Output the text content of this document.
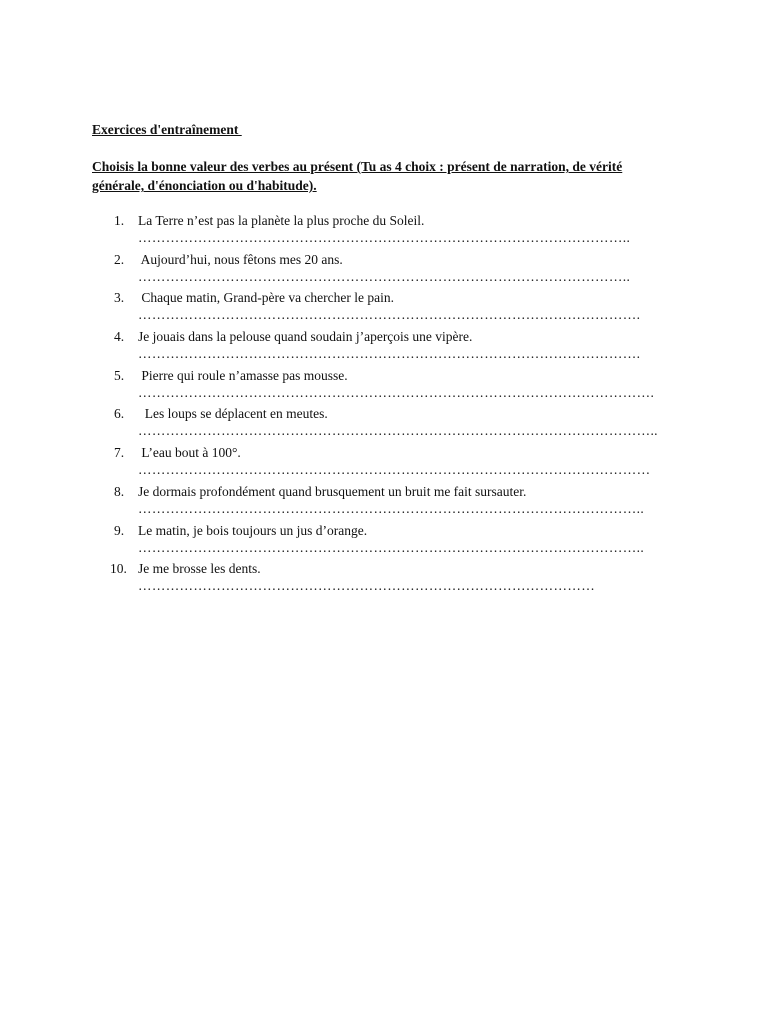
Exercices d'entraînement
Choisis la bonne valeur des verbes au présent (Tu as 4 choix : présent de narration, de vérité générale, d'énonciation ou d'habitude).
1. La Terre n’est pas la planète la plus proche du Soleil.
……………………………………………………………………………………………..
2. Aujourd’hui, nous fêtons mes 20 ans.
……………………………………………………………………………………………..
3. Chaque matin, Grand-père va chercher le pain.
……………………………………………………………………………………………….
4. Je jouais dans la pelouse quand soudain j’aperçois une vipère.
……………………………………………………………………………………………….
5. Pierre qui roule n’amasse pas mousse.
………………………………………………………………………………………………….
6. Les loups se déplacent en meutes.
…………………………………………………………………………………………………..
7. L’eau bout à 100°.
…………………………………………………………………………………………………
8. Je dormais profondément quand brusquement un bruit me fait sursauter.
………………………………………………………………………………………………..
9. Le matin, je bois toujours un jus d’orange.
………………………………………………………………………………………………..
10. Je me brosse les dents.
………………………………………………………………………………………
